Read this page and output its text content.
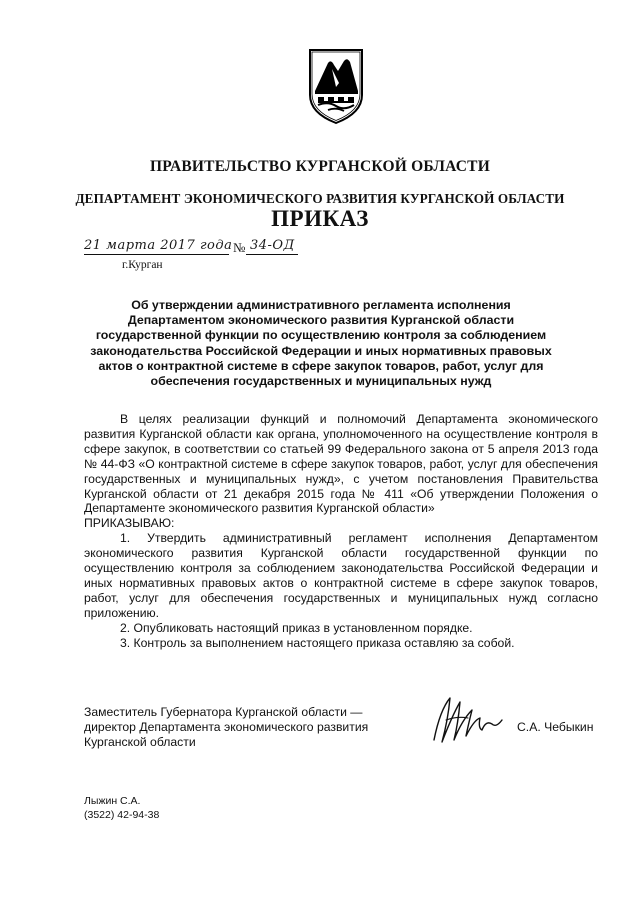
ПРАВИТЕЛЬСТВО КУРГАНСКОЙ ОБЛАСТИ
ДЕПАРТАМЕНТ ЭКОНОМИЧЕСКОГО РАЗВИТИЯ КУРГАНСКОЙ ОБЛАСТИ
ПРИКАЗ
21 марта 2017 года № 34-ОД
г.Курган
Об утверждении административного регламента исполнения Департаментом экономического развития Курганской области государственной функции по осуществлению контроля за соблюдением законодательства Российской Федерации и иных нормативных правовых актов о контрактной системе в сфере закупок товаров, работ, услуг для обеспечения государственных и муниципальных нужд

В целях реализации функций и полномочий Департамента экономического развития Курганской области как органа, уполномоченного на осуществление контроля в сфере закупок, в соответствии со статьей 99 Федерального закона от 5 апреля 2013 года № 44-ФЗ «О контрактной системе в сфере закупок товаров, работ, услуг для обеспечения государственных и муниципальных нужд», с учетом постановления Правительства Курганской области от 21 декабря 2015 года № 411 «Об утверждении Положения о Департаменте экономического развития Курганской области»

ПРИКАЗЫВАЮ:

1. Утвердить административный регламент исполнения Департаментом экономического развития Курганской области государственной функции по осуществлению контроля за соблюдением законодательства Российской Федерации и иных нормативных правовых актов о контрактной системе в сфере закупок товаров, работ, услуг для обеспечения государственных и муниципальных нужд согласно приложению.

2. Опубликовать настоящий приказ в установленном порядке.

3. Контроль за выполнением настоящего приказа оставляю за собой.

Заместитель Губернатора Курганской области —
директор Департамента экономического развития
Курганской области
С.А. Чебыкин
Лыжин С.А.
(3522) 42-94-38
